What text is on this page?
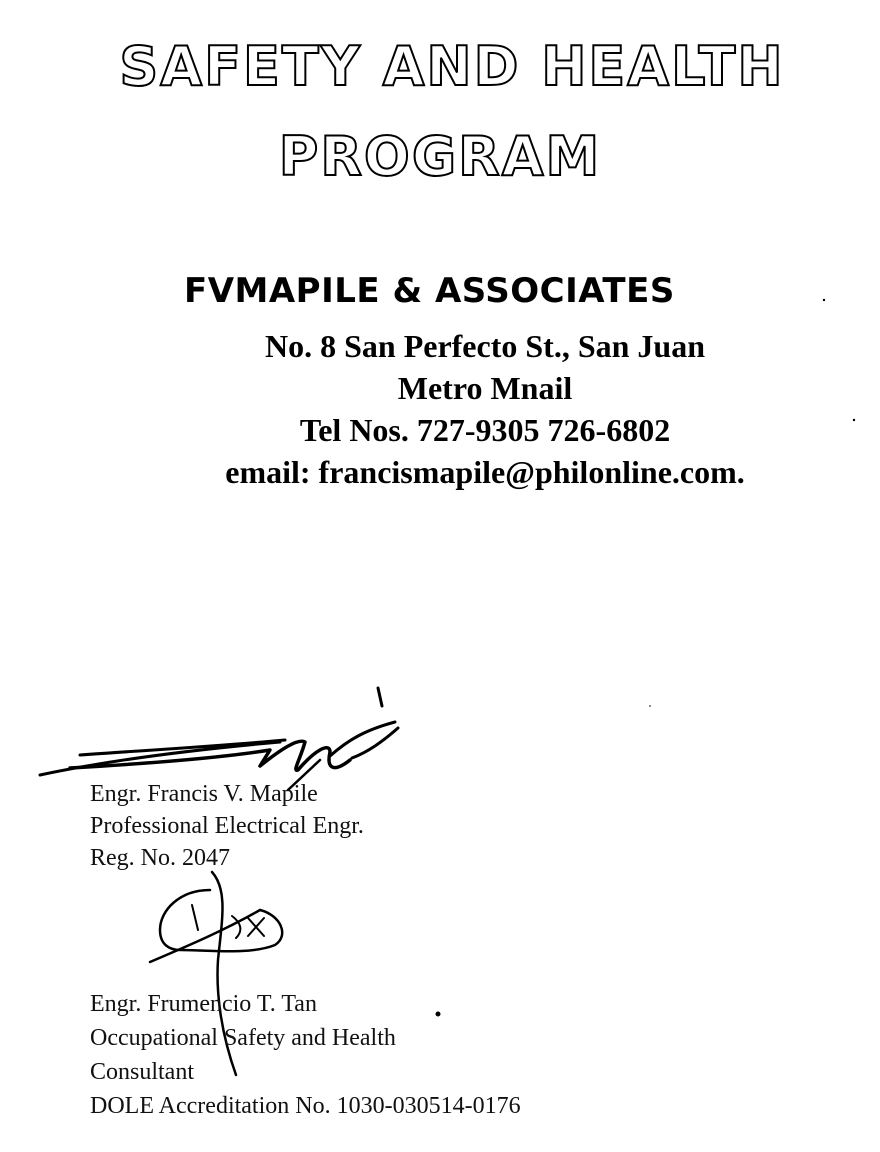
SAFETY AND HEALTH
PROGRAM
FVMAPILE & ASSOCIATES
No. 8 San Perfecto St., San Juan
Metro Mnail
Tel Nos. 727-9305 726-6802
email: francismapile@philonline.com.
Engr. Francis V. Mapile
Professional Electrical Engr.
Reg. No. 2047
Engr. Frumencio T. Tan
Occupational Safety and Health
Consultant
DOLE Accreditation No. 1030-030514-0176
